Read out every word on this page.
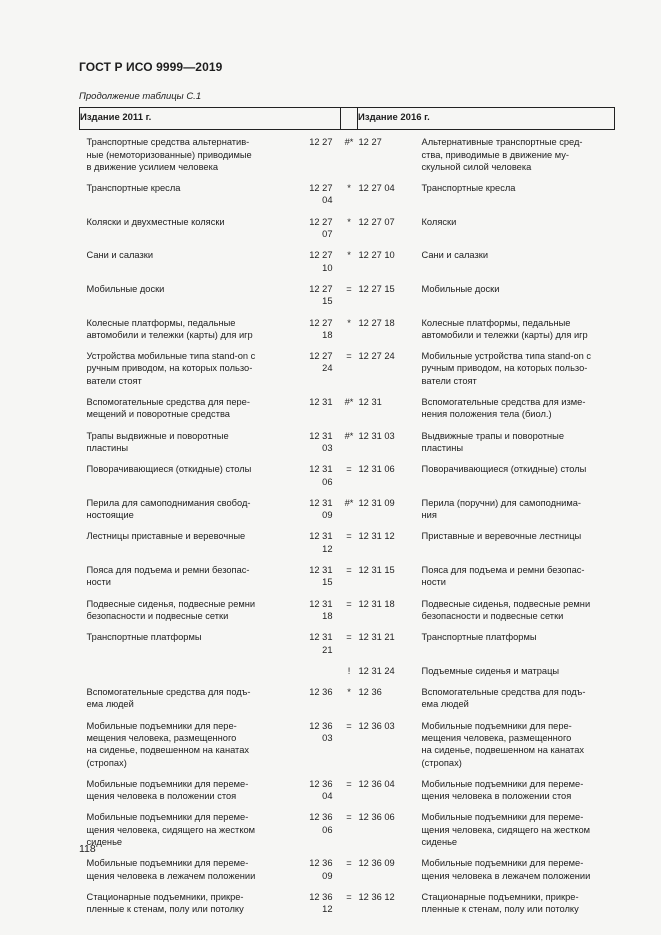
ГОСТ Р ИСО 9999—2019
Продолжение таблицы С.1
Издание 2011 г.			Издание 2016 г.	
Транспортные средства альтернатив-
ные (немоторизованные) приводимые
в движение усилием человека	12 27	#*	12 27	Альтернативные транспортные сред-
ства, приводимые в движение му-
скульной силой человека
Транспортные кресла	12 27 04	*	12 27 04	Транспортные кресла
Коляски и двухместные коляски	12 27 07	*	12 27 07	Коляски
Сани и салазки	12 27 10	*	12 27 10	Сани и салазки
Мобильные доски	12 27 15	=	12 27 15	Мобильные доски
Колесные платформы, педальные
автомобили и тележки (карты) для игр	12 27 18	*	12 27 18	Колесные платформы, педальные
автомобили и тележки (карты) для игр
Устройства мобильные типа stand-on с
ручным приводом, на которых пользо-
ватели стоят	12 27 24	=	12 27 24	Мобильные устройства типа stand-on с
ручным приводом, на которых пользо-
ватели стоят
Вспомогательные средства для пере-
мещений и поворотные средства	12 31	#*	12 31	Вспомогательные средства для изме-
нения положения тела (биол.)
Трапы выдвижные и поворотные
пластины	12 31 03	#*	12 31 03	Выдвижные трапы и поворотные
пластины
Поворачивающиеся (откидные) столы	12 31 06	=	12 31 06	Поворачивающиеся (откидные) столы
Перила для самоподнимания свобод-
ностоящие	12 31 09	#*	12 31 09	Перила (поручни) для самоподнима-
ния
Лестницы приставные и веревочные	12 31 12	=	12 31 12	Приставные и веревочные лестницы
Пояса для подъема и ремни безопас-
ности	12 31 15	=	12 31 15	Пояса для подъема и ремни безопас-
ности
Подвесные сиденья, подвесные ремни
безопасности и подвесные сетки	12 31 18	=	12 31 18	Подвесные сиденья, подвесные ремни
безопасности и подвесные сетки
Транспортные платформы	12 31 21	=	12 31 21	Транспортные платформы
		!	12 31 24	Подъемные сиденья и матрацы
Вспомогательные средства для подъ-
ема людей	12 36	*	12 36	Вспомогательные средства для подъ-
ема людей
Мобильные подъемники для пере-
мещения человека, размещенного
на сиденье, подвешенном на канатах
(стропах)	12 36 03	=	12 36 03	Мобильные подъемники для пере-
мещения человека, размещенного
на сиденье, подвешенном на канатах
(стропах)
Мобильные подъемники для переме-
щения человека в положении стоя	12 36 04	=	12 36 04	Мобильные подъемники для переме-
щения человека в положении стоя
Мобильные подъемники для переме-
щения человека, сидящего на жестком
сиденье	12 36 06	=	12 36 06	Мобильные подъемники для переме-
щения человека, сидящего на жестком
сиденье
Мобильные подъемники для переме-
щения человека в лежачем положении	12 36 09	=	12 36 09	Мобильные подъемники для переме-
щения человека в лежачем положении
Стационарные подъемники, прикре-
пленные к стенам, полу или потолку	12 36 12	=	12 36 12	Стационарные подъемники, прикре-
пленные к стенам, полу или потолку
118
